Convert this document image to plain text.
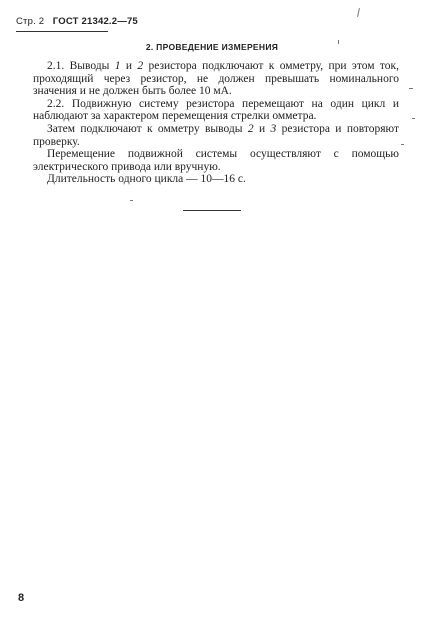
Стр. 2 ГОСТ 21342.2—75
2. ПРОВЕДЕНИЕ ИЗМЕРЕНИЯ

2.1. Выводы 1 и 2 резистора подключают к омметру, при этом ток, проходящий через резистор, не должен превышать номинального значения и не должен быть более 10 мА.

2.2. Подвижную систему резистора перемещают на один цикл и наблюдают за характером перемещения стрелки омметра.

Затем подключают к омметру выводы 2 и 3 резистора и повторяют проверку.

Перемещение подвижной системы осуществляют с помощью электрического привода или вручную.

Длительность одного цикла — 10—16 с.

8
